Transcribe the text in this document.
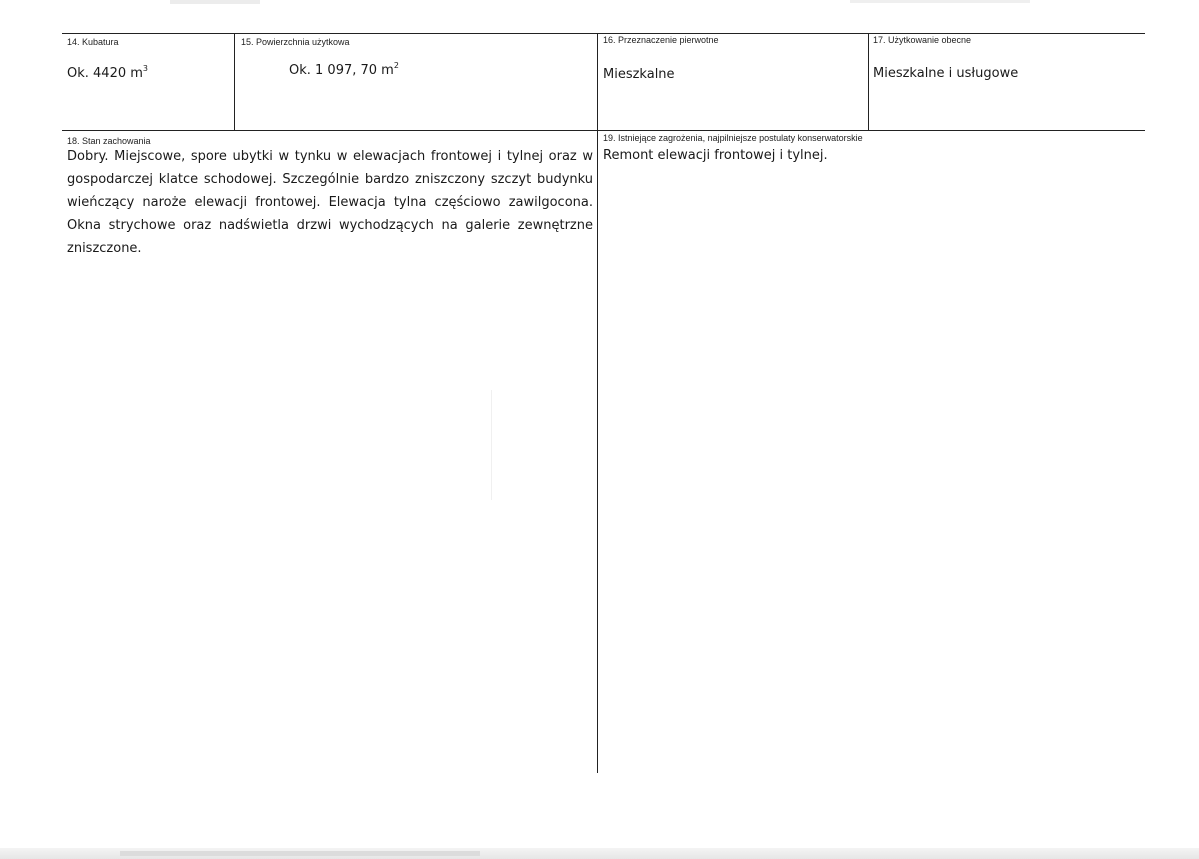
14. Kubatura
Ok. 4420 $m^3$
15. Powierzchnia użytkowa
Ok. 1 097, 70 $m^2$
16. Przeznaczenie pierwotne
Mieszkalne
17. Użytkowanie obecne
Mieszkalne i usługowe
18. Stan zachowania
Dobry. Miejscowe, spore ubytki w tynku w elewacjach frontowej i tylnej oraz w
gospodarczej klatce schodowej. Szczególnie bardzo zniszczony szczyt budynku
wieńczący naroże elewacji frontowej. Elewacja tylna częściowo zawilgocona.
Okna strychowe oraz nadświetla drzwi wychodzących na galerie zewnętrzne
zniszczone.
19. Istniejące zagrożenia, najpilniejsze postulaty konserwatorskie
Remont elewacji frontowej i tylnej.
